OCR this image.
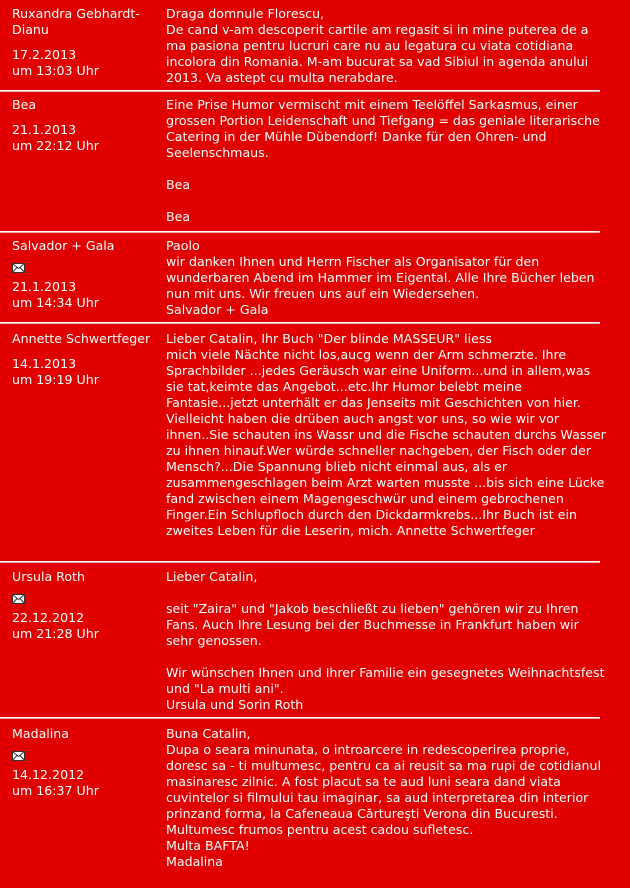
Ruxandra Gebhardt-Dianu
17.2.2013
um 13:03 Uhr
Draga domnule Florescu,
De cand v-am descoperit cartile am regasit si in mine puterea de a ma pasiona pentru lucruri care nu au legatura cu viata cotidiana incolora din Romania. M-am bucurat sa vad Sibiul in agenda anului 2013. Va astept cu multa nerabdare.
Bea
21.1.2013
um 22:12 Uhr
Eine Prise Humor vermischt mit einem Teelöffel Sarkasmus, einer grossen Portion Leidenschaft und Tiefgang = das geniale literarische Catering in der Mühle Dübendorf! Danke für den Ohren- und Seelenschmaus.

Bea

Bea
Salvador + Gala
21.1.2013
um 14:34 Uhr
Paolo
wir danken Ihnen und Herrn Fischer als Organisator für den wunderbaren Abend im Hammer im Eigental. Alle Ihre Bücher leben nun mit uns. Wir freuen uns auf ein Wiedersehen.
Salvador + Gala
Annette Schwertfeger
14.1.2013
um 19:19 Uhr
Lieber Catalin, Ihr Buch "Der blinde MASSEUR" liess
mich viele Nächte nicht los,aucg wenn der Arm schmerzte. Ihre Sprachbilder ...jedes Geräusch war eine Uniform...und in allem,was sie tat,keimte das Angebot...etc.Ihr Humor belebt meine Fantasie...jetzt unterhält er das Jenseits mit Geschichten von hier. Vielleicht haben die drüben auch angst vor uns, so wie wir vor ihnen..Sie schauten ins Wassr und die Fische schauten durchs Wasser zu ihnen hinauf.Wer würde schneller nachgeben, der Fisch oder der Mensch?...Die Spannung blieb nicht einmal aus, als er zusammengeschlagen beim Arzt warten musste ...bis sich eine Lücke fand zwischen einem Magengeschwür und einem gebrochenen Finger.Ein Schlupfloch durch den Dickdarmkrebs...Ihr Buch ist ein zweites Leben für die Leserin, mich. Annette Schwertfeger
Ursula Roth
22.12.2012
um 21:28 Uhr
Lieber Catalin,

seit "Zaira" und "Jakob beschließt zu lieben" gehören wir zu Ihren Fans. Auch Ihre Lesung bei der Buchmesse in Frankfurt haben wir sehr genossen.

Wir wünschen Ihnen und Ihrer Familie ein gesegnetes Weihnachtsfest und "La multi ani".
Ursula und Sorin Roth
Madalina
14.12.2012
um 16:37 Uhr
Buna Catalin,
Dupa o seara minunata, o introarcere in redescoperirea proprie, doresc sa - ti multumesc, pentru ca ai reusit sa ma rupi de cotidianul masinaresc zilnic. A fost placut sa te aud luni seara dand viata cuvintelor si filmului tau imaginar, sa aud interpretarea din interior prinzand forma, la Cafeneaua Cărtureşti Verona din Bucuresti.
Multumesc frumos pentru acest cadou sufletesc.
Multa BAFTA!
Madalina
